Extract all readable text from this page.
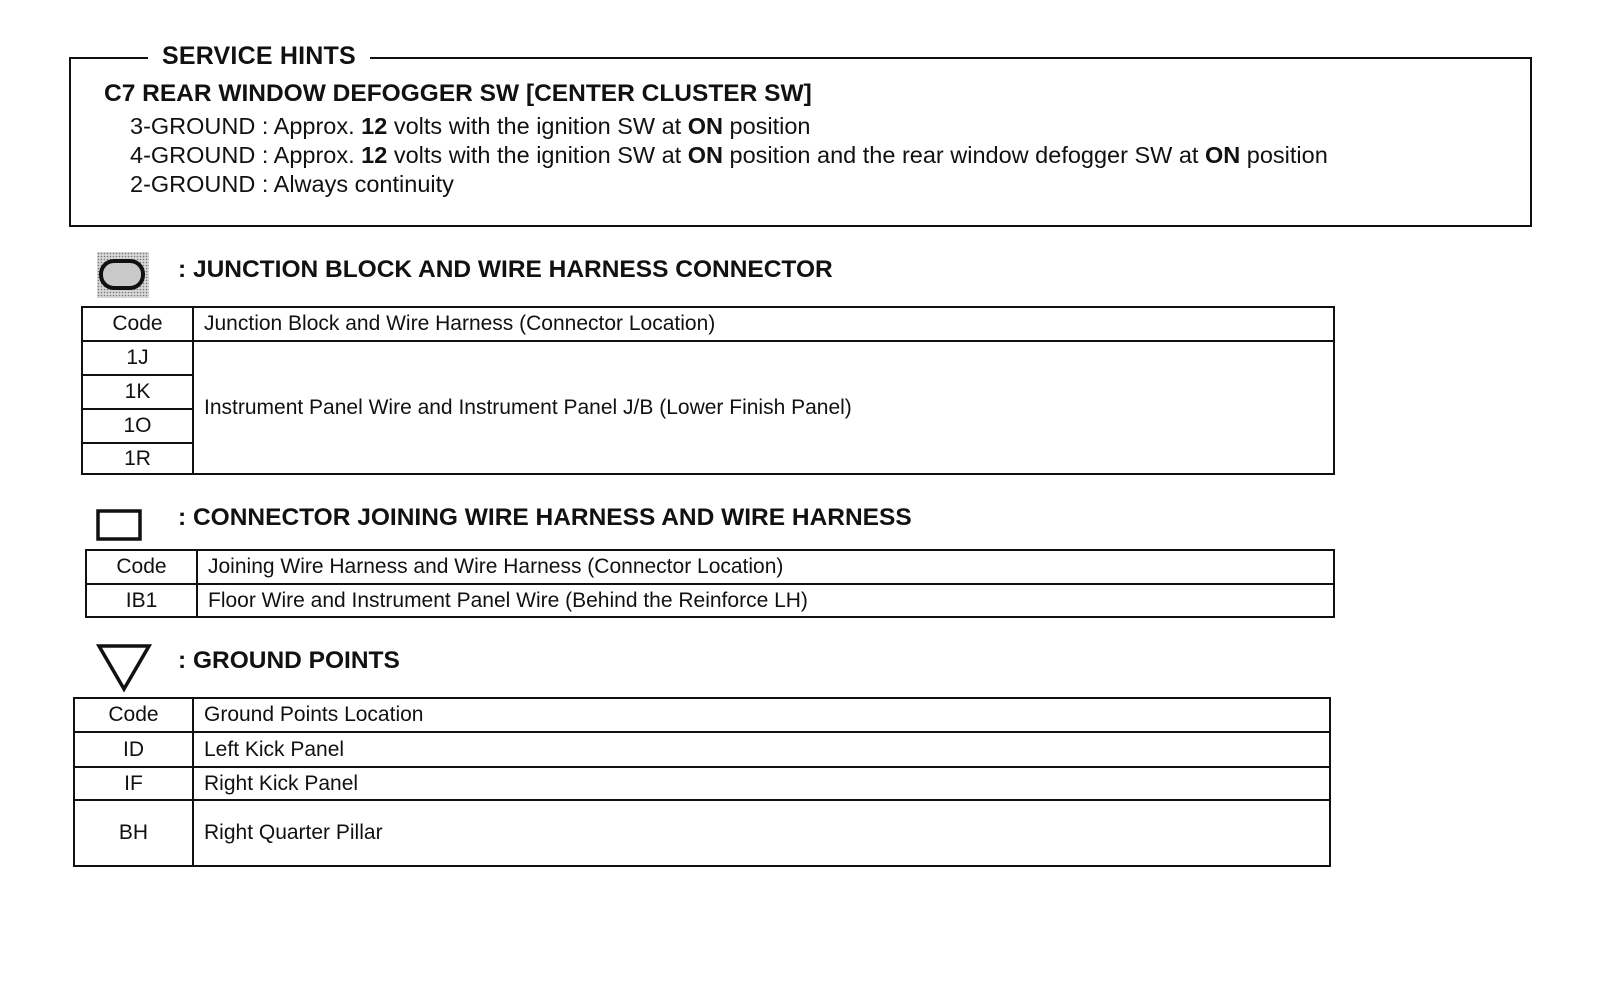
SERVICE HINTS
C7 REAR WINDOW DEFOGGER SW [CENTER CLUSTER SW]
3-GROUND : Approx. 12 volts with the ignition SW at ON position
4-GROUND : Approx. 12 volts with the ignition SW at ON position and the rear window defogger SW at ON position
2-GROUND : Always continuity
: JUNCTION BLOCK AND WIRE HARNESS CONNECTOR
Code	Junction Block and Wire Harness (Connector Location)
1J	Instrument Panel Wire and Instrument Panel J/B (Lower Finish Panel)
1K	
1O	
1R	
: CONNECTOR JOINING WIRE HARNESS AND WIRE HARNESS
Code	Joining Wire Harness and Wire Harness (Connector Location)
IB1	Floor Wire and Instrument Panel Wire (Behind the Reinforce LH)
: GROUND POINTS
Code	Ground Points Location
ID	Left Kick Panel
IF	Right Kick Panel
BH	Right Quarter Pillar
